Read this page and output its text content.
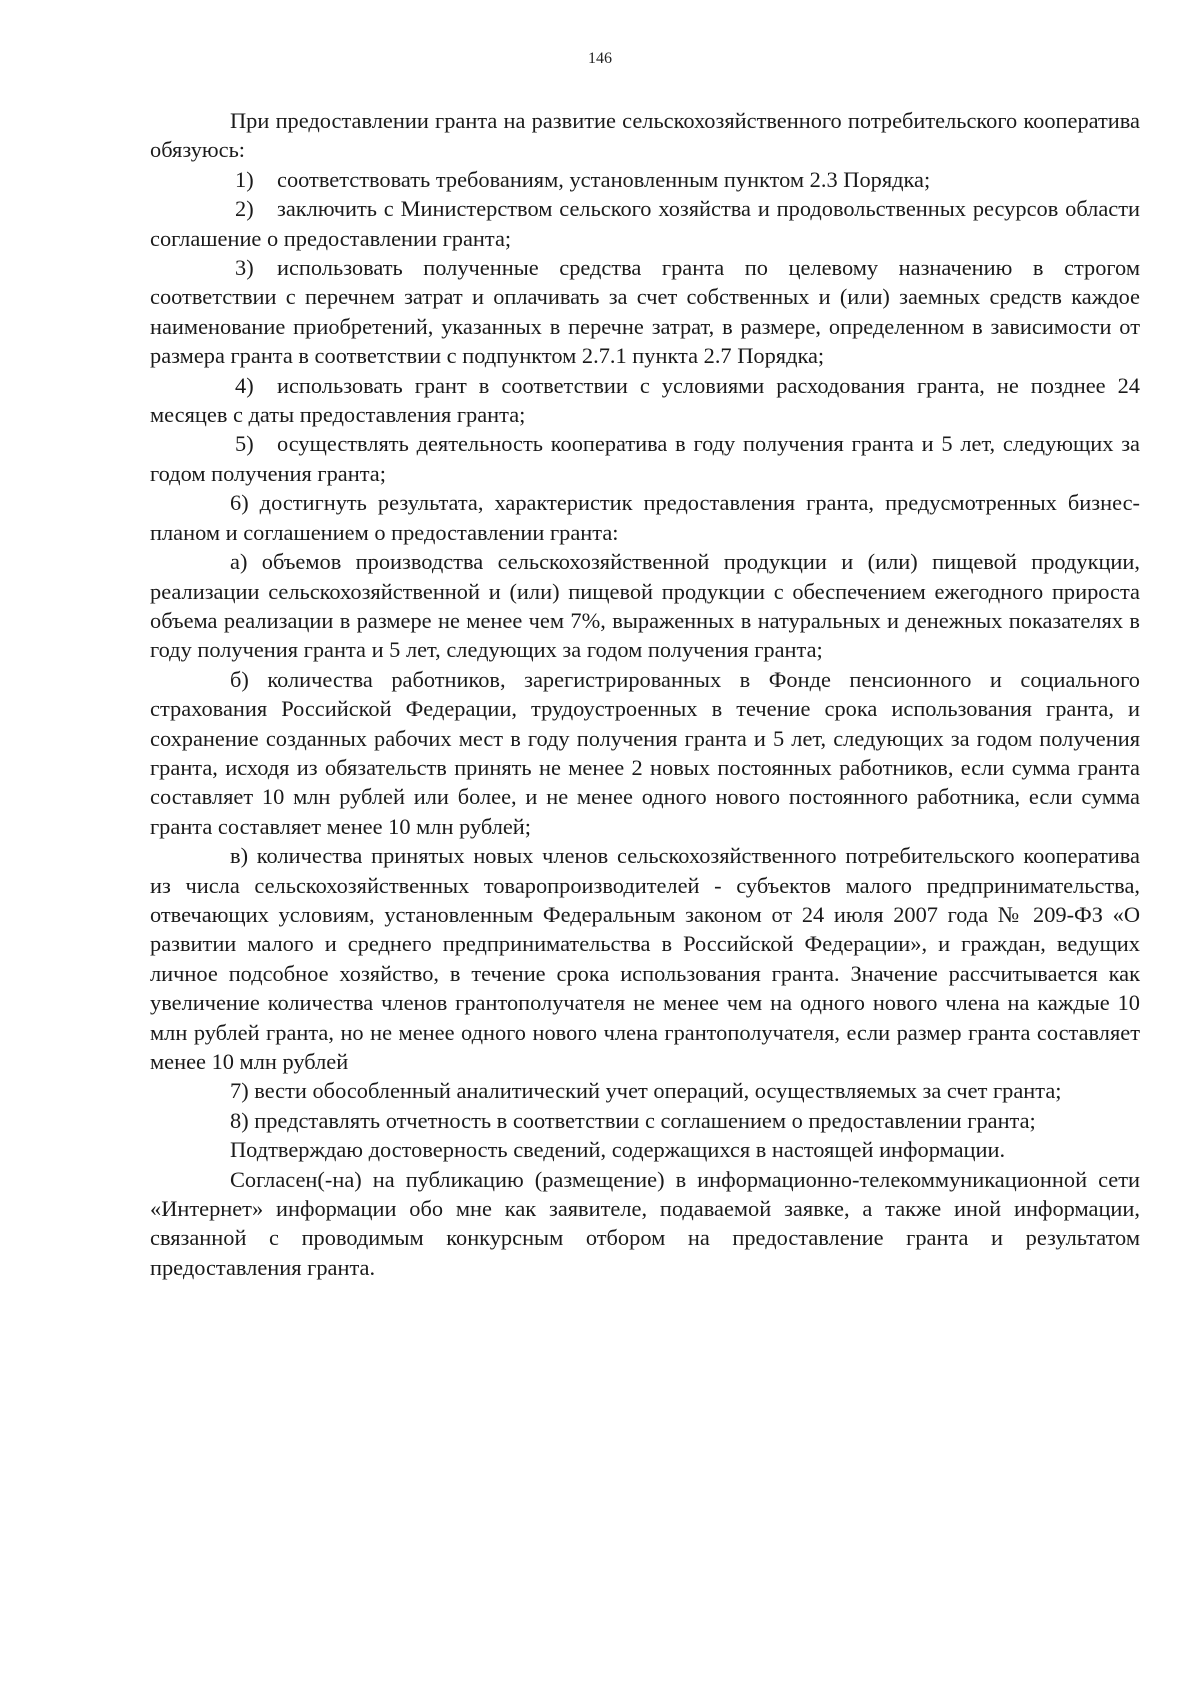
146

При предоставлении гранта на развитие сельскохозяйственного потребительского кооператива обязуюсь:

1) соответствовать требованиям, установленным пунктом 2.3 Порядка;

2) заключить с Министерством сельского хозяйства и продовольственных ресурсов области соглашение о предоставлении гранта;

3) использовать полученные средства гранта по целевому назначению в строгом соответствии с перечнем затрат и оплачивать за счет собственных и (или) заемных средств каждое наименование приобретений, указанных в перечне затрат, в размере, определенном в зависимости от размера гранта в соответствии с подпунктом 2.7.1 пункта 2.7 Порядка;

4) использовать грант в соответствии с условиями расходования гранта, не позднее 24 месяцев с даты предоставления гранта;

5) осуществлять деятельность кооператива в году получения гранта и 5 лет, следующих за годом получения гранта;

6) достигнуть результата, характеристик предоставления гранта, предусмотренных бизнес-планом и соглашением о предоставлении гранта:

а) объемов производства сельскохозяйственной продукции и (или) пищевой продукции, реализации сельскохозяйственной и (или) пищевой продукции с обеспечением ежегодного прироста объема реализации в размере не менее чем 7%, выраженных в натуральных и денежных показателях в году получения гранта и 5 лет, следующих за годом получения гранта;

б) количества работников, зарегистрированных в Фонде пенсионного и социального страхования Российской Федерации, трудоустроенных в течение срока использования гранта, и сохранение созданных рабочих мест в году получения гранта и 5 лет, следующих за годом получения гранта, исходя из обязательств принять не менее 2 новых постоянных работников, если сумма гранта составляет 10 млн рублей или более, и не менее одного нового постоянного работника, если сумма гранта составляет менее 10 млн рублей;

в) количества принятых новых членов сельскохозяйственного потребительского кооператива из числа сельскохозяйственных товаропроизводителей - субъектов малого предпринимательства, отвечающих условиям, установленным Федеральным законом от 24 июля 2007 года № 209-ФЗ «О развитии малого и среднего предпринимательства в Российской Федерации», и граждан, ведущих личное подсобное хозяйство, в течение срока использования гранта. Значение рассчитывается как увеличение количества членов грантополучателя не менее чем на одного нового члена на каждые 10 млн рублей гранта, но не менее одного нового члена грантополучателя, если размер гранта составляет менее 10 млн рублей

7) вести обособленный аналитический учет операций, осуществляемых за счет гранта;

8) представлять отчетность в соответствии с соглашением о предоставлении гранта;

Подтверждаю достоверность сведений, содержащихся в настоящей информации.

Согласен(-на) на публикацию (размещение) в информационно-телекоммуникационной сети «Интернет» информации обо мне как заявителе, подаваемой заявке, а также иной информации, связанной с проводимым конкурсным отбором на предоставление гранта и результатом предоставления гранта.
